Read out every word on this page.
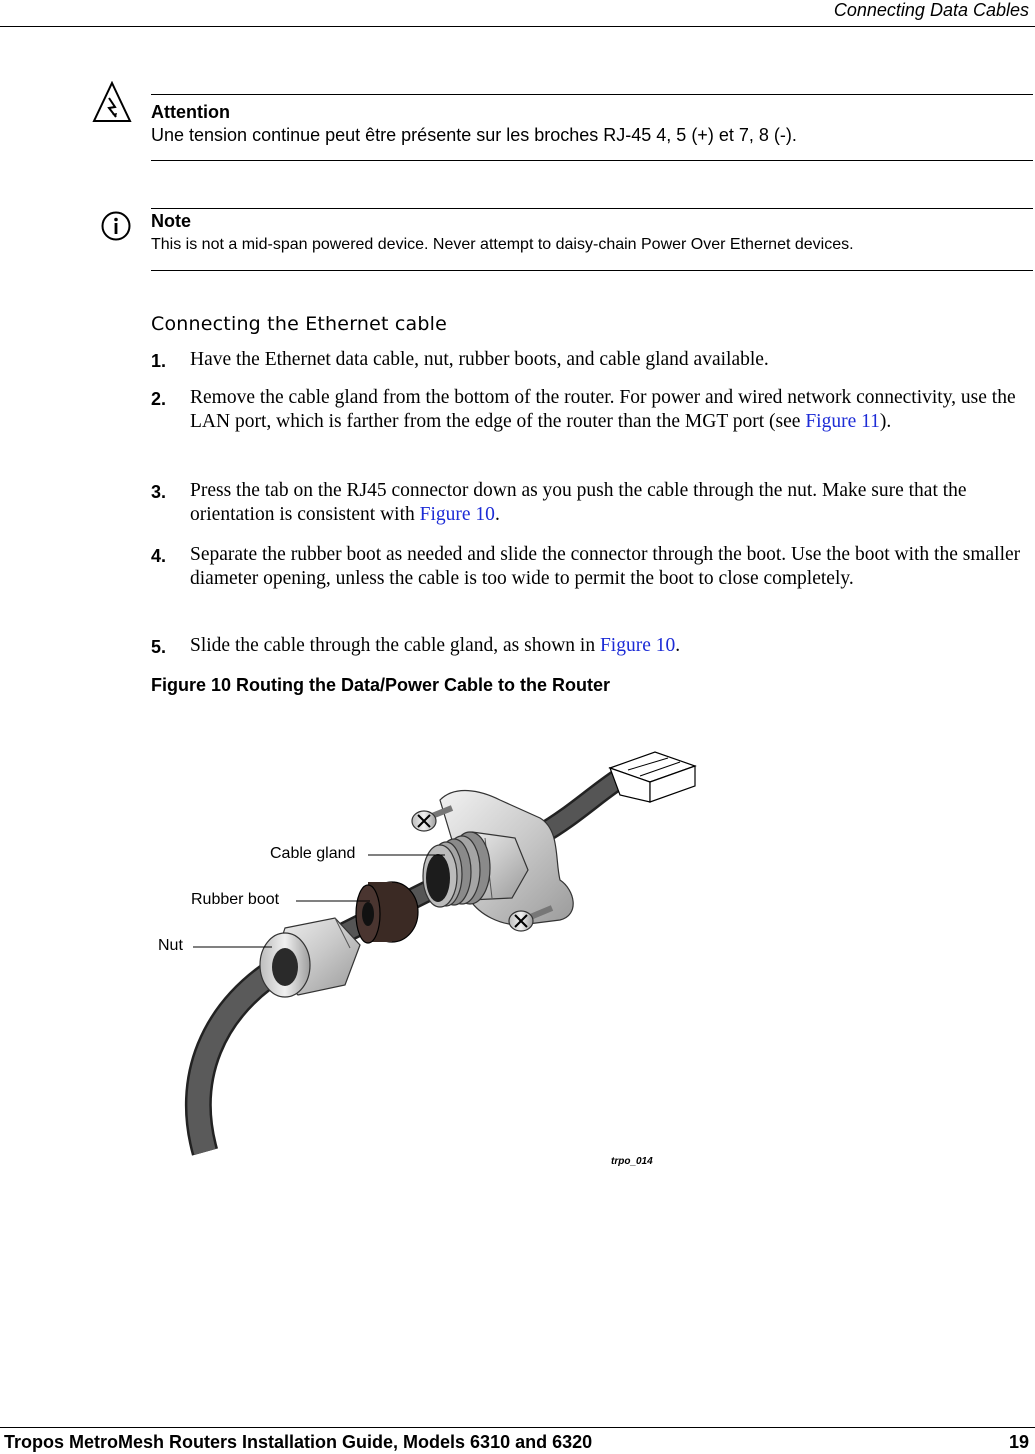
Connecting Data Cables
Attention
Une tension continue peut être présente sur les broches RJ-45 4, 5 (+) et 7, 8 (-).
Note
This is not a mid-span powered device. Never attempt to daisy-chain Power Over Ethernet devices.
Connecting the Ethernet cable
1. Have the Ethernet data cable, nut, rubber boots, and cable gland available.
2. Remove the cable gland from the bottom of the router. For power and wired network connectivity, use the LAN port, which is farther from the edge of the router than the MGT port (see Figure 11).
3. Press the tab on the RJ45 connector down as you push the cable through the nut. Make sure that the orientation is consistent with Figure 10.
4. Separate the rubber boot as needed and slide the connector through the boot. Use the boot with the smaller diameter opening, unless the cable is too wide to permit the boot to close completely.
5. Slide the cable through the cable gland, as shown in Figure 10.
Figure 10 Routing the Data/Power Cable to the Router
Cable gland
Rubber boot
Nut
trpo_014
Tropos MetroMesh Routers Installation Guide, Models 6310 and 6320	19
